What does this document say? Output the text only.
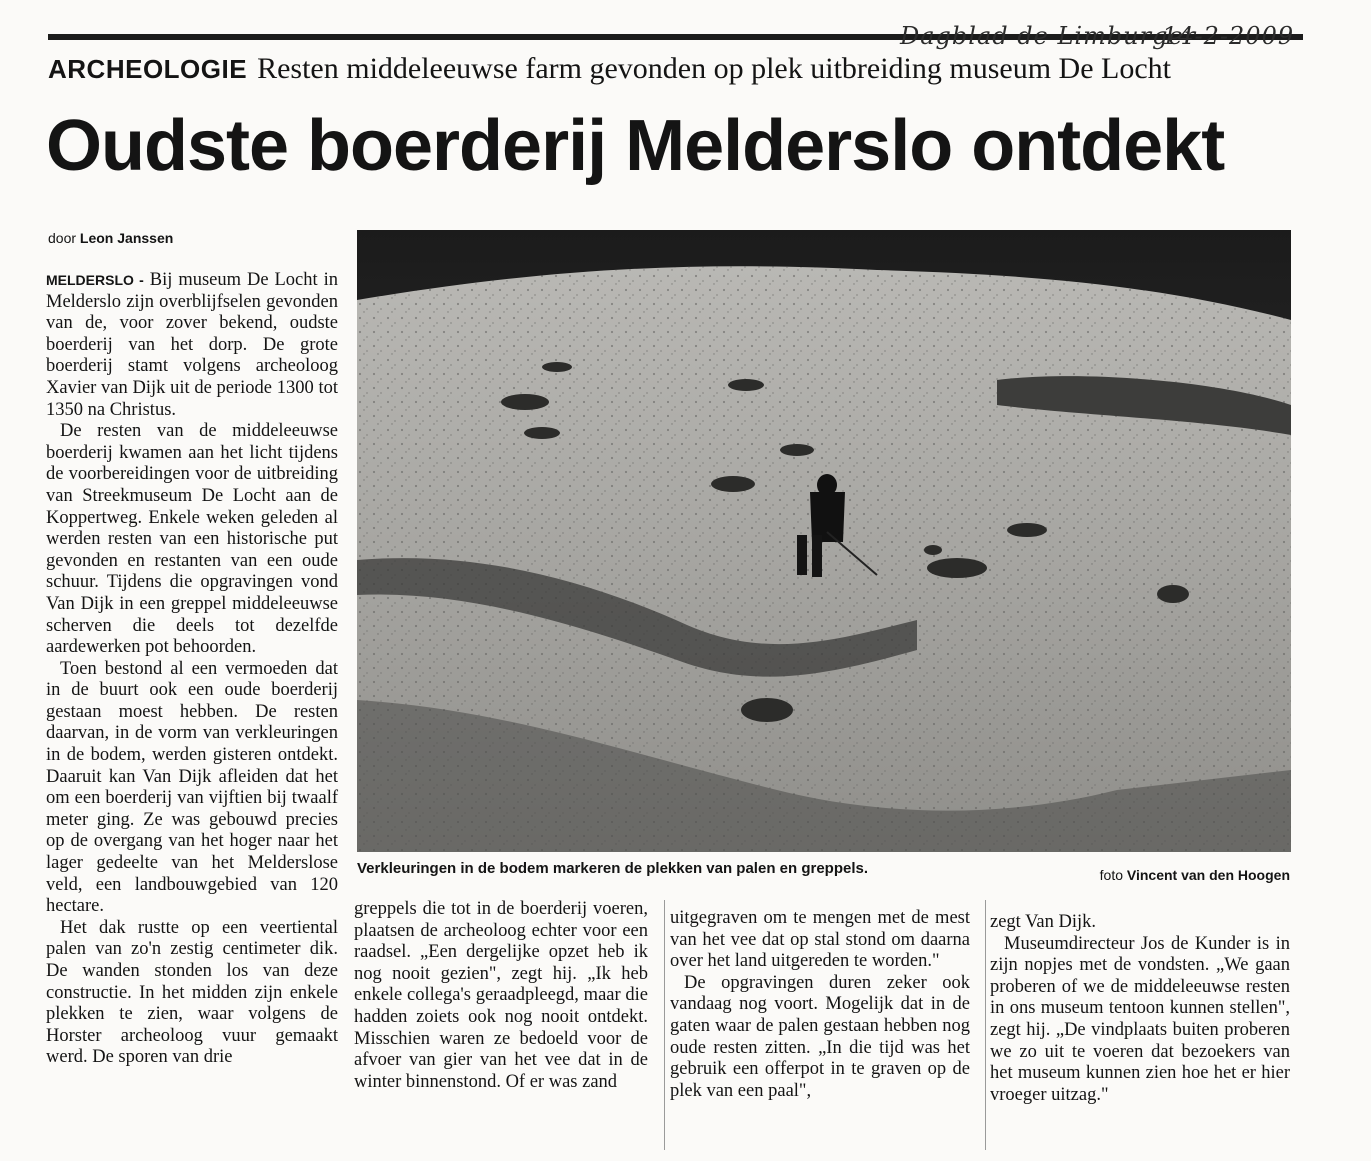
Dagblad de Limburger
14-2-2009
ARCHEOLOGIE Resten middeleeuwse farm gevonden op plek uitbreiding museum De Locht
Oudste boerderij Melderslo ontdekt
door Leon Janssen

MELDERSLO - Bij museum De Locht in Melderslo zijn overblijfselen gevonden van de, voor zover bekend, oudste boerderij van het dorp. De grote boerderij stamt volgens archeoloog Xavier van Dijk uit de periode 1300 tot 1350 na Christus.

De resten van de middeleeuwse boerderij kwamen aan het licht tijdens de voorbereidingen voor de uitbreiding van Streekmuseum De Locht aan de Koppertweg. Enkele weken geleden al werden resten van een historische put gevonden en restanten van een oude schuur. Tijdens die opgravingen vond Van Dijk in een greppel middeleeuwse scherven die deels tot dezelfde aardewerken pot behoorden.

Toen bestond al een vermoeden dat in de buurt ook een oude boerderij gestaan moest hebben. De resten daarvan, in de vorm van verkleuringen in de bodem, werden gisteren ontdekt. Daaruit kan Van Dijk afleiden dat het om een boerderij van vijftien bij twaalf meter ging. Ze was gebouwd precies op de overgang van het hoger naar het lager gedeelte van het Melderslose veld, een landbouwgebied van 120 hectare.

Het dak rustte op een veertiental palen van zo'n zestig centimeter dik. De wanden stonden los van deze constructie. In het midden zijn enkele plekken te zien, waar volgens de Horster archeoloog vuur gemaakt werd. De sporen van drie

Verkleuringen in de bodem markeren de plekken van palen en greppels.	foto Vincent van den Hoogen

greppels die tot in de boerderij voeren, plaatsen de archeoloog echter voor een raadsel. „Een dergelijke opzet heb ik nog nooit gezien", zegt hij. „Ik heb enkele collega's geraadpleegd, maar die hadden zoiets ook nog nooit ontdekt. Misschien waren ze bedoeld voor de afvoer van gier van het vee dat in de winter binnenstond. Of er was zand

uitgegraven om te mengen met de mest van het vee dat op stal stond om daarna over het land uitgereden te worden."

De opgravingen duren zeker ook vandaag nog voort. Mogelijk dat in de gaten waar de palen gestaan hebben nog oude resten zitten. „In die tijd was het gebruik een offerpot in te graven op de plek van een paal",

zegt Van Dijk.

Museumdirecteur Jos de Kunder is in zijn nopjes met de vondsten. „We gaan proberen of we de middeleeuwse resten in ons museum tentoon kunnen stellen", zegt hij. „De vindplaats buiten proberen we zo uit te voeren dat bezoekers van het museum kunnen zien hoe het er hier vroeger uitzag."
